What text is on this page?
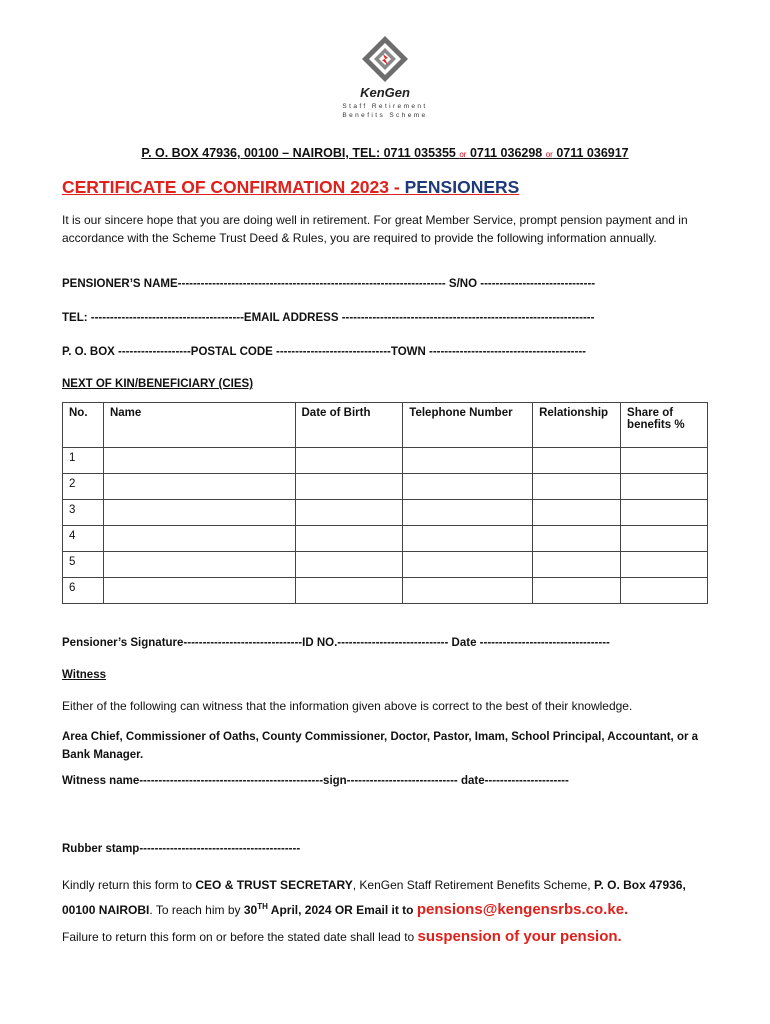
KenGen
Staff Retirement
Benefits Scheme
P. O. BOX 47936, 00100 – NAIROBI, TEL: 0711 035355 or 0711 036298 or 0711 036917
CERTIFICATE OF CONFIRMATION 2023 - PENSIONERS
It is our sincere hope that you are doing well in retirement. For great Member Service, prompt pension payment and in accordance with the Scheme Trust Deed & Rules, you are required to provide the following information annually.
PENSIONER’S NAME---------------------------------------------------------------------- S/NO ------------------------------
TEL: ----------------------------------------EMAIL ADDRESS ------------------------------------------------------------------
P. O. BOX -------------------POSTAL CODE ------------------------------TOWN -----------------------------------------
NEXT OF KIN/BENEFICIARY (CIES)
No.	Name	Date of Birth	Telephone Number	Relationship	Share of benefits %
1					
2					
3					
4					
5					
6					
Pensioner’s Signature-------------------------------ID NO.----------------------------- Date ----------------------------------
Witness
Either of the following can witness that the information given above is correct to the best of their knowledge.
Area Chief, Commissioner of Oaths, County Commissioner, Doctor, Pastor, Imam, School Principal, Accountant, or a Bank Manager.
Witness name------------------------------------------------sign----------------------------- date----------------------
Rubber stamp------------------------------------------
Kindly return this form to CEO & TRUST SECRETARY, KenGen Staff Retirement Benefits Scheme, P. O. Box 47936, 00100 NAIROBI. To reach him by 30TH April, 2024 OR Email it to pensions@kengensrbs.co.ke.
Failure to return this form on or before the stated date shall lead to suspension of your pension.
